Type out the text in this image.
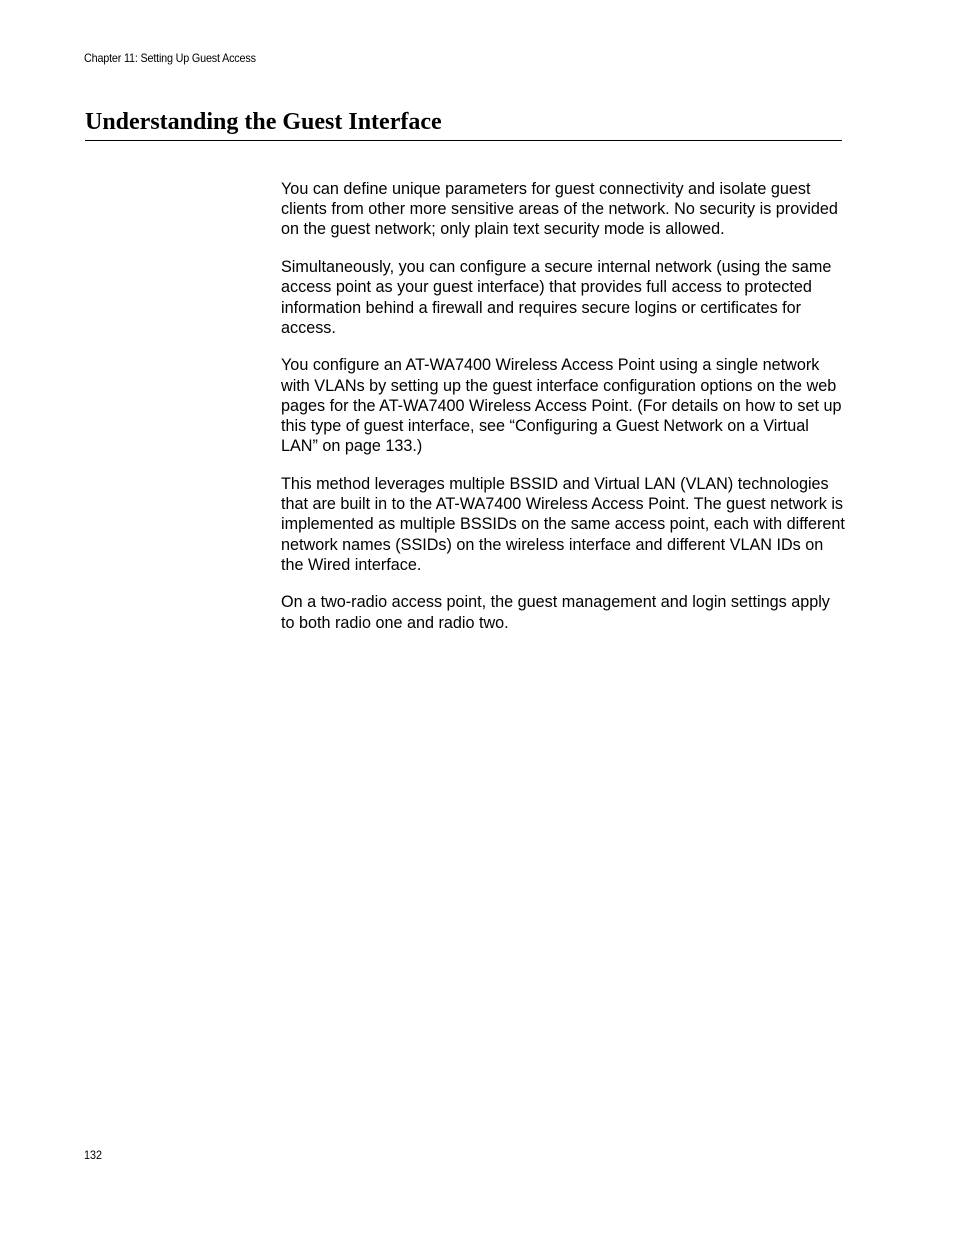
Chapter 11: Setting Up Guest Access
Understanding the Guest Interface

You can define unique parameters for guest connectivity and isolate guest clients from other more sensitive areas of the network. No security is provided on the guest network; only plain text security mode is allowed.

Simultaneously, you can configure a secure internal network (using the same access point as your guest interface) that provides full access to protected information behind a firewall and requires secure logins or certificates for access.

You configure an AT-WA7400 Wireless Access Point using a single network with VLANs by setting up the guest interface configuration options on the web pages for the AT-WA7400 Wireless Access Point. (For details on how to set up this type of guest interface, see “Configuring a Guest Network on a Virtual LAN” on page 133.)

This method leverages multiple BSSID and Virtual LAN (VLAN) technologies that are built in to the AT-WA7400 Wireless Access Point. The guest network is implemented as multiple BSSIDs on the same access point, each with different network names (SSIDs) on the wireless interface and different VLAN IDs on the Wired interface.

On a two-radio access point, the guest management and login settings apply to both radio one and radio two.

132
